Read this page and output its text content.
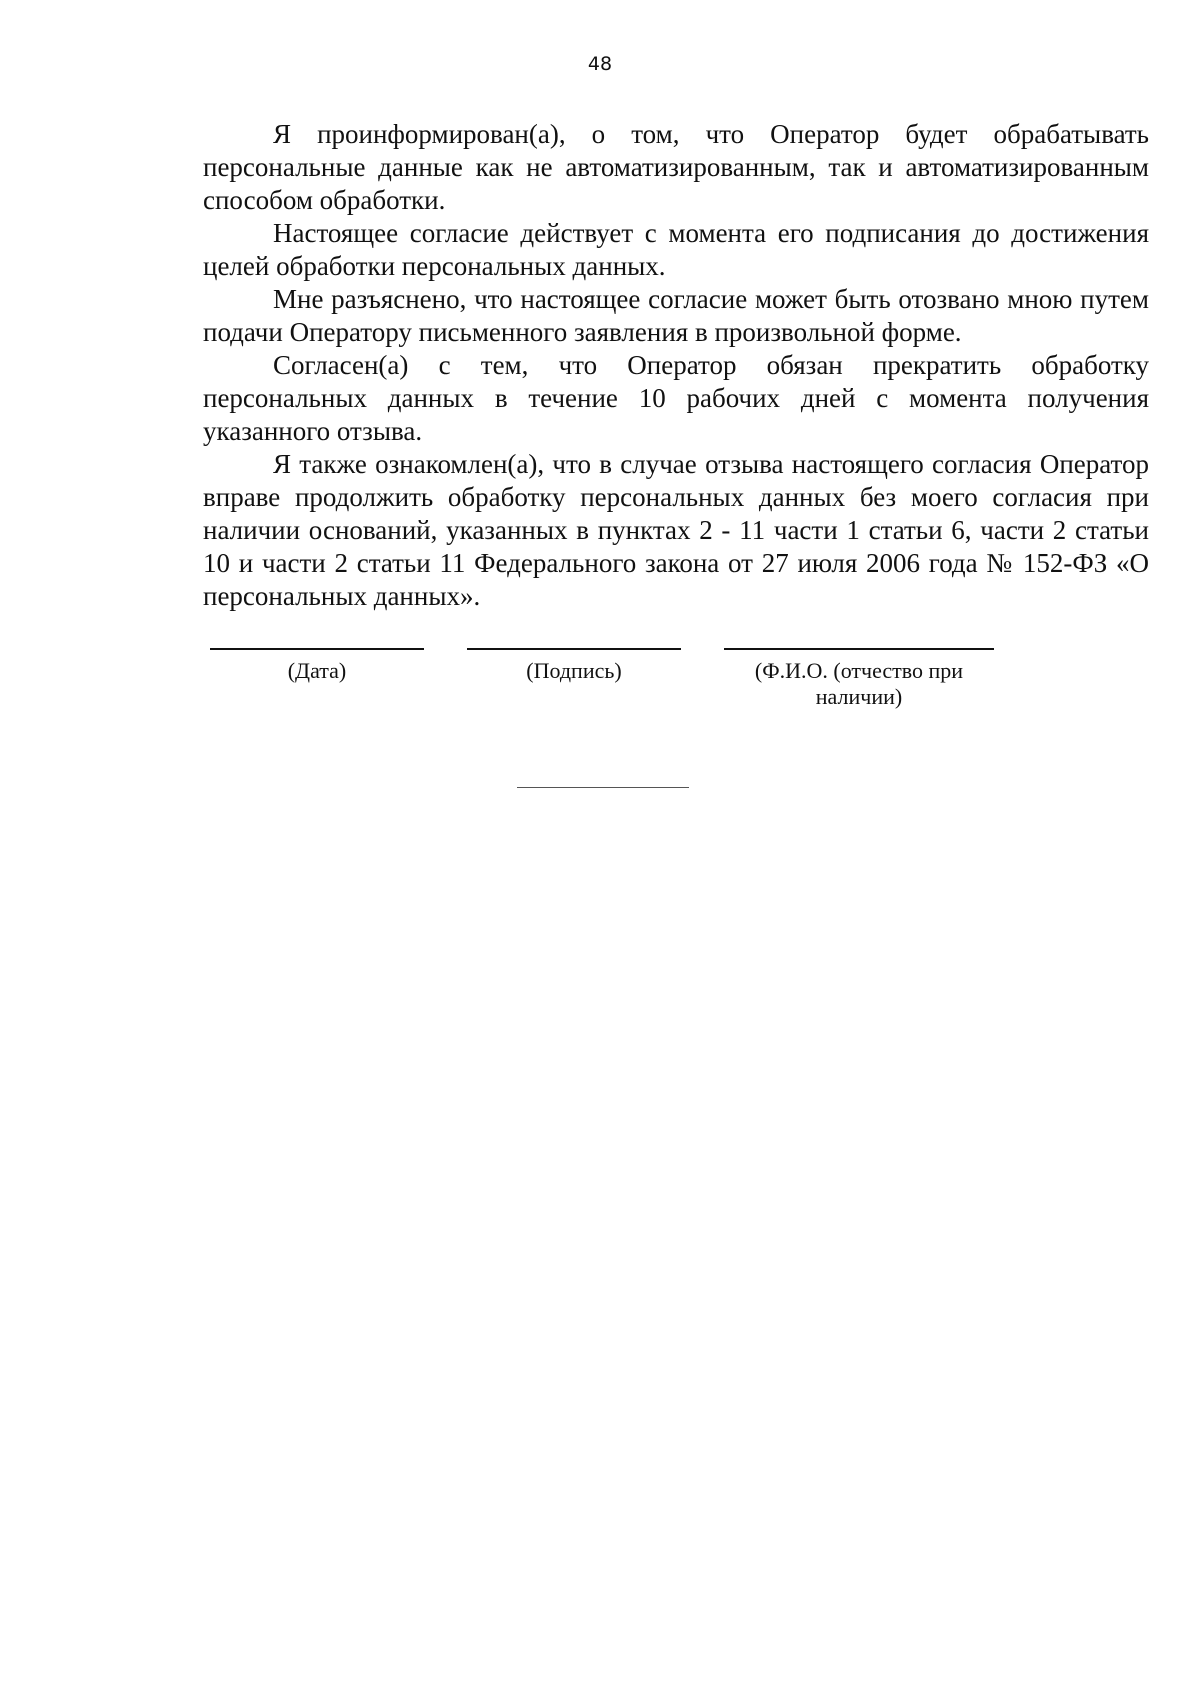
48

Я проинформирован(а), о том, что Оператор будет обрабатывать персональные данные как не автоматизированным, так и автоматизированным способом обработки.

Настоящее согласие действует с момента его подписания до достижения целей обработки персональных данных.

Мне разъяснено, что настоящее согласие может быть отозвано мною путем подачи Оператору письменного заявления в произвольной форме.

Согласен(а) с тем, что Оператор обязан прекратить обработку персональных данных в течение 10 рабочих дней с момента получения указанного отзыва.

Я также ознакомлен(а), что в случае отзыва настоящего согласия Оператор вправе продолжить обработку персональных данных без моего согласия при наличии оснований, указанных в пунктах 2 - 11 части 1 статьи 6, части 2 статьи 10 и части 2 статьи 11 Федерального закона от 27 июля 2006 года № 152-ФЗ «О персональных данных».

(Дата)	(Подпись)	(Ф.И.О. (отчество при наличии)
